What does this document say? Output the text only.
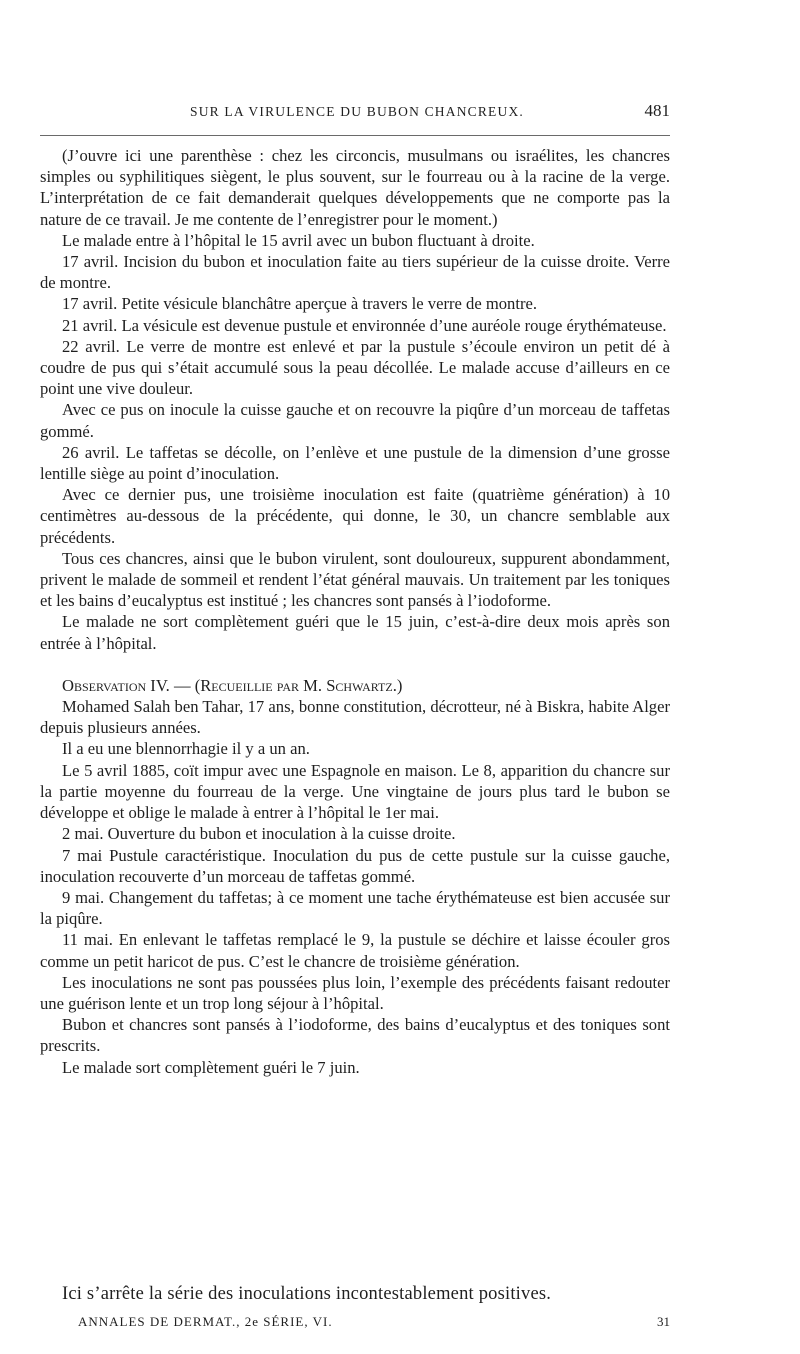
SUR LA VIRULENCE DU BUBON CHANCREUX.	481

(J’ouvre ici une parenthèse : chez les circoncis, musulmans ou israélites, les chancres simples ou syphilitiques siègent, le plus souvent, sur le fourreau ou à la racine de la verge. L’interprétation de ce fait demanderait quelques développements que ne comporte pas la nature de ce travail. Je me contente de l’enregistrer pour le moment.)

Le malade entre à l’hôpital le 15 avril avec un bubon fluctuant à droite.

17 avril. Incision du bubon et inoculation faite au tiers supérieur de la cuisse droite. Verre de montre.

17 avril. Petite vésicule blanchâtre aperçue à travers le verre de montre.

21 avril. La vésicule est devenue pustule et environnée d’une auréole rouge érythémateuse.

22 avril. Le verre de montre est enlevé et par la pustule s’écoule environ un petit dé à coudre de pus qui s’était accumulé sous la peau décollée. Le malade accuse d’ailleurs en ce point une vive douleur.

Avec ce pus on inocule la cuisse gauche et on recouvre la piqûre d’un morceau de taffetas gommé.

26 avril. Le taffetas se décolle, on l’enlève et une pustule de la dimension d’une grosse lentille siège au point d’inoculation.

Avec ce dernier pus, une troisième inoculation est faite (quatrième génération) à 10 centimètres au-dessous de la précédente, qui donne, le 30, un chancre semblable aux précédents.

Tous ces chancres, ainsi que le bubon virulent, sont douloureux, suppurent abondamment, privent le malade de sommeil et rendent l’état général mauvais. Un traitement par les toniques et les bains d’eucalyptus est institué ; les chancres sont pansés à l’iodoforme.

Le malade ne sort complètement guéri que le 15 juin, c’est-à-dire deux mois après son entrée à l’hôpital.

Observation IV. — (Recueillie par M. Schwartz.)

Mohamed Salah ben Tahar, 17 ans, bonne constitution, décrotteur, né à Biskra, habite Alger depuis plusieurs années.

Il a eu une blennorrhagie il y a un an.

Le 5 avril 1885, coït impur avec une Espagnole en maison. Le 8, apparition du chancre sur la partie moyenne du fourreau de la verge. Une vingtaine de jours plus tard le bubon se développe et oblige le malade à entrer à l’hôpital le 1er mai.

2 mai. Ouverture du bubon et inoculation à la cuisse droite.

7 mai Pustule caractéristique. Inoculation du pus de cette pustule sur la cuisse gauche, inoculation recouverte d’un morceau de taffetas gommé.

9 mai. Changement du taffetas; à ce moment une tache érythémateuse est bien accusée sur la piqûre.

11 mai. En enlevant le taffetas remplacé le 9, la pustule se déchire et laisse écouler gros comme un petit haricot de pus. C’est le chancre de troisième génération.

Les inoculations ne sont pas poussées plus loin, l’exemple des précédents faisant redouter une guérison lente et un trop long séjour à l’hôpital.

Bubon et chancres sont pansés à l’iodoforme, des bains d’eucalyptus et des toniques sont prescrits.

Le malade sort complètement guéri le 7 juin.

Ici s’arrête la série des inoculations incontestablement positives.
ANNALES DE DERMAT., 2e SÉRIE, VI.	31
